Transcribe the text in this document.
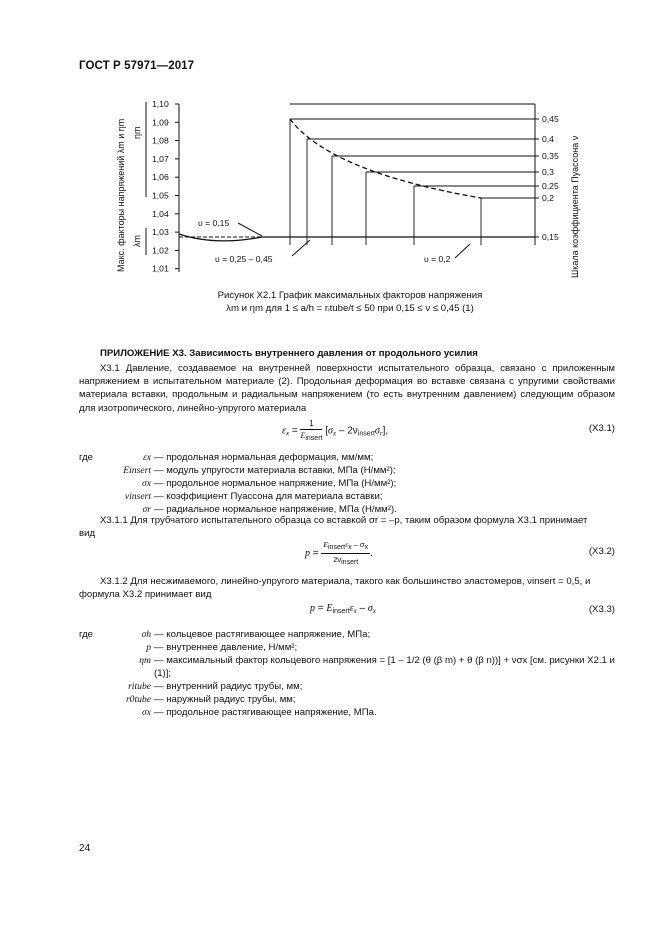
ГОСТ Р 57971—2017
Макс. факторы напряжений λm и ηm ηm
λm
1,10
1,09
1,08
1,07
1,06
1,05
1,04
1,03
1,02
1,01
0,45
0,4
0,35
0,3
0,25
0,2
0,15 Шкала коэффициента Пуассона ν
υ = 0,15
υ = 0,25 – 0,45	υ = 0,2
Рисунок Х2.1 График максимальных факторов напряжения
λm и ηm для 1 ≤ a/h = rᵢtube/t ≤ 50 при 0,15 ≤ ν ≤ 0,45 (1)
ПРИЛОЖЕНИЕ Х3. Зависимость внутреннего давления от продольного усилия
Х3.1 Давление, создаваемое на внутренней поверхности испытательного образца, связано с приложенным напряжением в испытательном материале (2). Продольная деформация во вставке связана с упругими свойствами материала вставки, продольным и радиальным напряжением (то есть внутренним давлением) следующим образом для изотропического, линейно-упругого материала
$\varepsilon_x$ =
1
Einsert
$[\sigma_x - 2\nu_{insert}\sigma_r]$,	(Х3.1)
где	εx — продольная нормальная деформация, мм/мм;
Einsert — модуль упругости материала вставки, МПа (Н/мм²);
σx — продольное нормальное напряжение, МПа (Н/мм²);
νinsert — коэффициент Пуассона для материала вставки;
σr — радиальное нормальное напряжение, МПа (Н/мм²).
Х3.1.1 Для трубчатого испытательного образца со вставкой σr = –p, таким образом формула Х3.1 принимает
вид
p =
Einsertεx – σx
2νinsert
.	(Х3.2)
Х3.1.2 Для несжимаемого, линейно-упругого материала, такого как большинство эластомеров, νinsert = 0,5, и
формула Х3.2 принимает вид
$p = E_{insert}\varepsilon_x - \sigma_x$	(Х3.3)
где	σh — кольцевое растягивающее напряжение, МПа;
p — внутреннее давление, Н/мм²;
ηm — максимальный фактор кольцевого напряжения = [1 – 1/2 (θ (β m) + θ (β n))] + νσx [см. рисунки Х2.1 и (1)];
ritube — внутренний радиус трубы, мм;
r0tube — наружный радиус трубы, мм;
σx — продольное растягивающее напряжение, МПа.
24
